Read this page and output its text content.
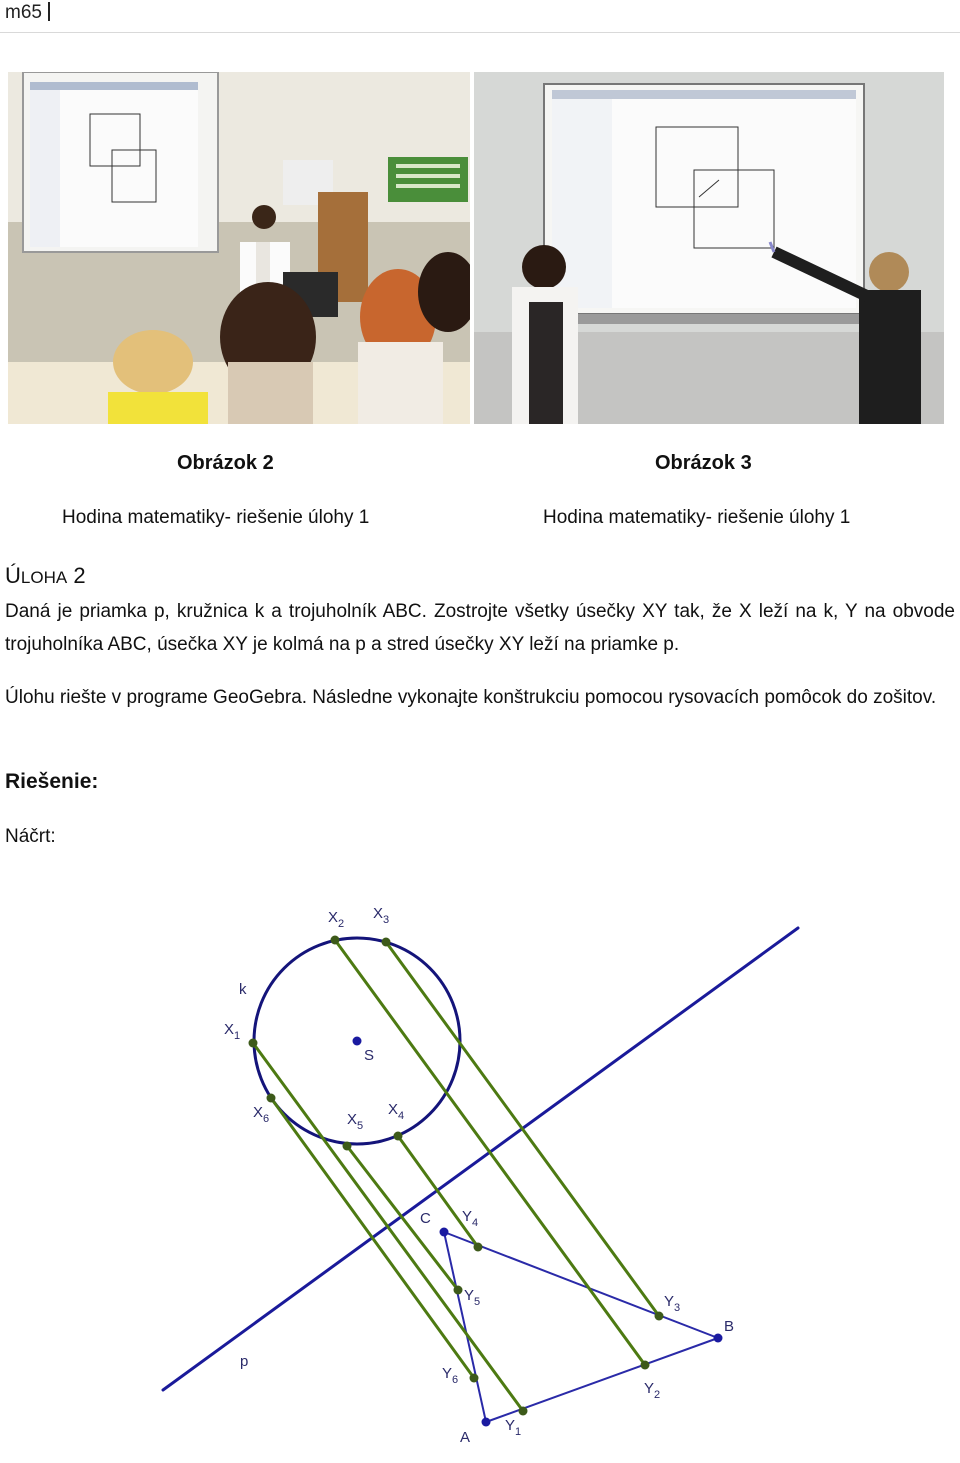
m65
Obrázok 2	Obrázok 3
Hodina matematiky- riešenie úlohy 1	Hodina matematiky- riešenie úlohy 1
ÚLOHA 2
Daná je priamka p, kružnica k a trojuholník ABC. Zostrojte všetky úsečky XY tak, že X leží na k, Y na obvode trojuholníka ABC, úsečka XY je kolmá na p a stred úsečky XY leží na priamke p.
Úlohu riešte v programe GeoGebra. Následne vykonajte konštrukciu pomocou rysovacích pomôcok do zošitov.
Riešenie:
Náčrt:
k
S
p
A
B
C
$X_1$
$X_2$
$X_3$
$X_4$
$X_5$
$X_6$
$Y_1$
$Y_2$
$Y_3$
$Y_4$
$Y_5$
$Y_6$
